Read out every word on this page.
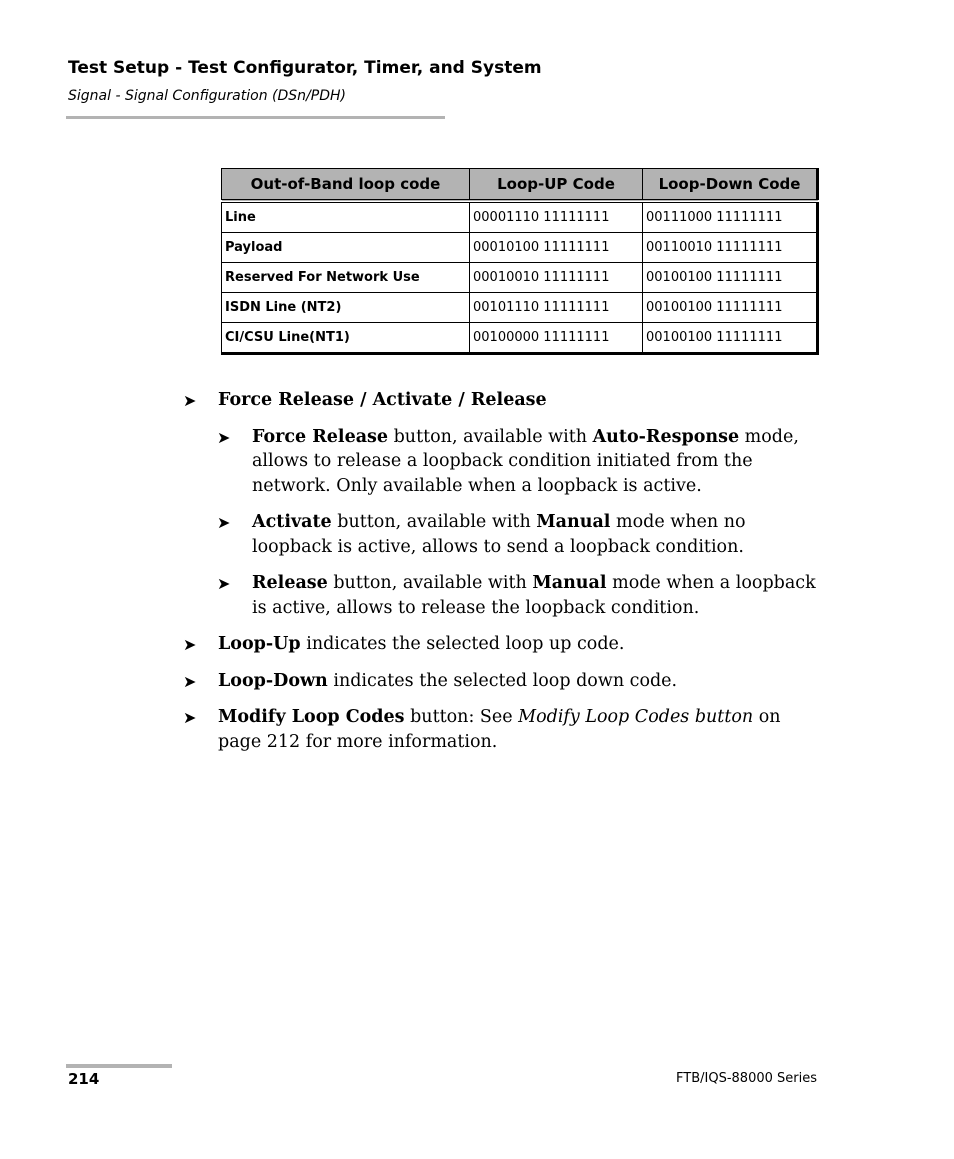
Test Setup - Test Configurator, Timer, and System
Signal - Signal Configuration (DSn/PDH)
Out-of-Band loop code	Loop-UP Code	Loop-Down Code
Line	00001110 11111111	00111000 11111111
Payload	00010100 11111111	00110010 11111111
Reserved For Network Use	00010010 11111111	00100100 11111111
ISDN Line (NT2)	00101110 11111111	00100100 11111111
CI/CSU Line(NT1)	00100000 11111111	00100100 11111111
➤ Force Release / Activate / Release
➤ Force Release button, available with Auto-Response mode, allows to release a loopback condition initiated from the network. Only available when a loopback is active.
➤ Activate button, available with Manual mode when no loopback is active, allows to send a loopback condition.
➤ Release button, available with Manual mode when a loopback is active, allows to release the loopback condition.
➤ Loop-Up indicates the selected loop up code.
➤ Loop-Down indicates the selected loop down code.
➤ Modify Loop Codes button: See Modify Loop Codes button on page 212 for more information.
214	FTB/IQS-88000 Series
